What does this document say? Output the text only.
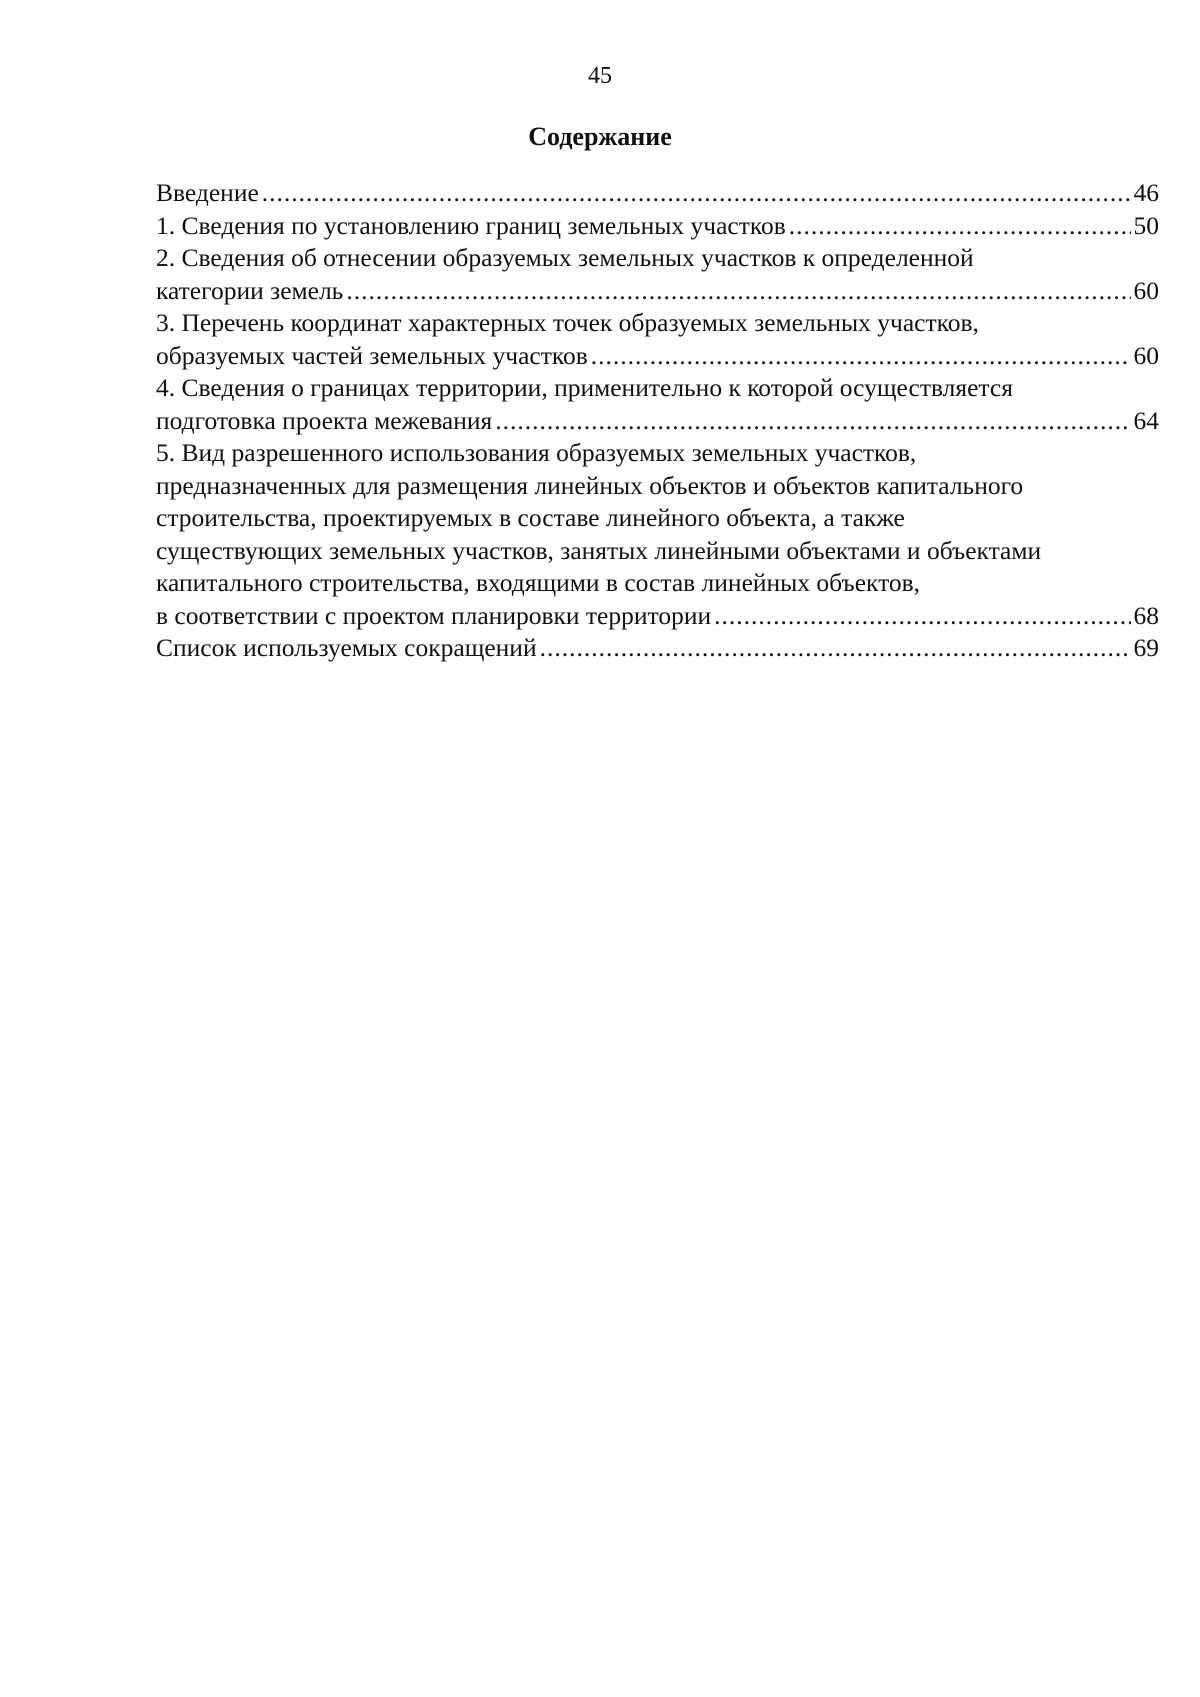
45
Содержание
Введение .....	46
1. Сведения по установлению границ земельных участков .....	50
2. Сведения об отнесении образуемых земельных участков к определенной
категории земель .....	60
3. Перечень координат характерных точек образуемых земельных участков,
образуемых частей земельных участков .....	60
4. Сведения о границах территории, применительно к которой осуществляется
подготовка проекта межевания .....	64
5. Вид разрешенного использования образуемых земельных участков,
предназначенных для размещения линейных объектов и объектов капитального
строительства, проектируемых в составе линейного объекта, а также
существующих земельных участков, занятых линейными объектами и объектами
капитального строительства, входящими в состав линейных объектов,
в соответствии с проектом планировки территории .....	68
Список используемых сокращений .....	69
